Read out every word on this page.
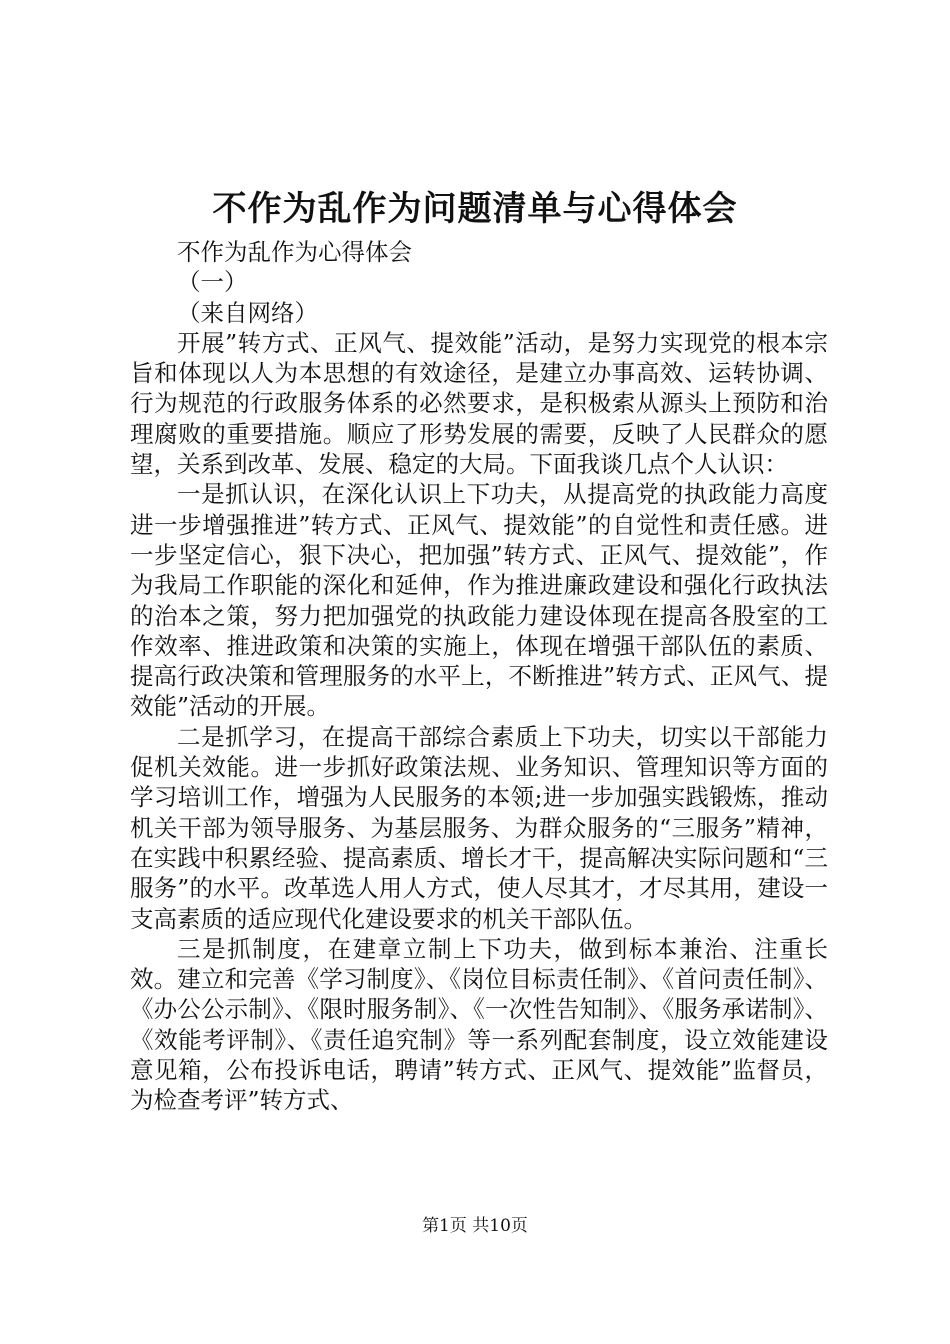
不作为乱作为问题清单与心得体会

不作为乱作为心得体会

（一）

（来自网络）

开展”转方式、正风气、提效能”活动，是努力实现党的根本宗旨和体现以人为本思想的有效途径，是建立办事高效、运转协调、行为规范的行政服务体系的必然要求，是积极索从源头上预防和治理腐败的重要措施。顺应了形势发展的需要，反映了人民群众的愿望，关系到改革、发展、稳定的大局。下面我谈几点个人认识：

一是抓认识，在深化认识上下功夫，从提高党的执政能力高度进一步增强推进”转方式、正风气、提效能”的自觉性和责任感。进一步坚定信心，狠下决心，把加强”转方式、正风气、提效能”，作为我局工作职能的深化和延伸，作为推进廉政建设和强化行政执法的治本之策，努力把加强党的执政能力建设体现在提高各股室的工作效率、推进政策和决策的实施上，体现在增强干部队伍的素质、提高行政决策和管理服务的水平上，不断推进”转方式、正风气、提效能”活动的开展。

二是抓学习，在提高干部综合素质上下功夫，切实以干部能力促机关效能。进一步抓好政策法规、业务知识、管理知识等方面的学习培训工作，增强为人民服务的本领;进一步加强实践锻炼，推动机关干部为领导服务、为基层服务、为群众服务的“三服务”精神，在实践中积累经验、提高素质、增长才干，提高解决实际问题和“三服务”的水平。改革选人用人方式，使人尽其才，才尽其用，建设一支高素质的适应现代化建设要求的机关干部队伍。

三是抓制度，在建章立制上下功夫，做到标本兼治、注重长效。建立和完善《学习制度》、《岗位目标责任制》、《首问责任制》、《办公公示制》、《限时服务制》、《一次性告知制》、《服务承诺制》、《效能考评制》、《责任追究制》等一系列配套制度，设立效能建设意见箱，公布投诉电话，聘请”转方式、正风气、提效能”监督员，为检查考评”转方式、

第1页 共10页
